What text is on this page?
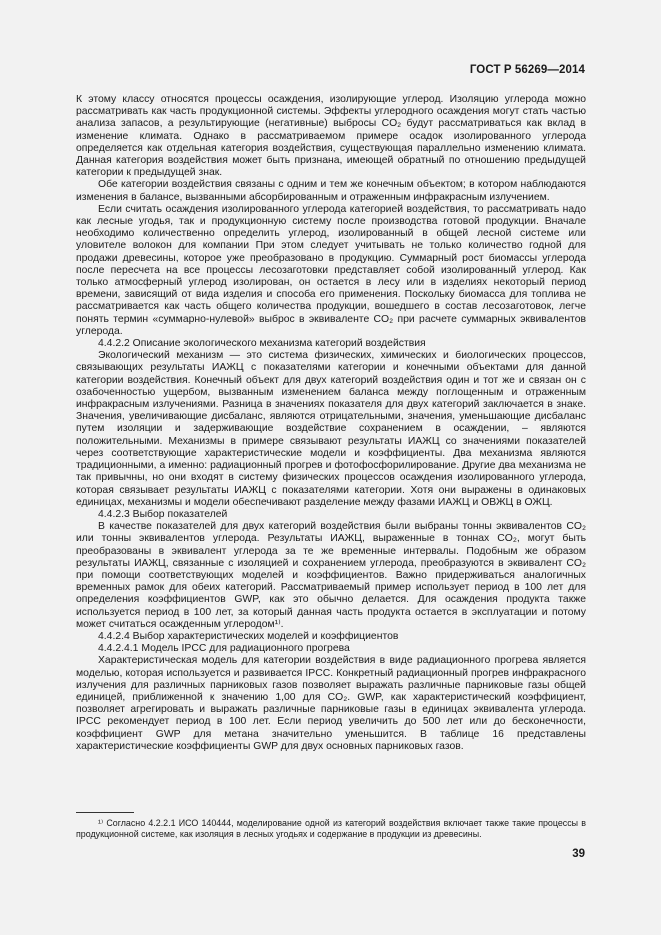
ГОСТ Р 56269—2014

К этому классу относятся процессы осаждения, изолирующие углерод. Изоляцию углерода можно рассматривать как часть продукционной системы. Эффекты углеродного осаждения могут стать частью анализа запасов, а результирующие (негативные) выбросы CO₂ будут рассматриваться как вклад в изменение климата. Однако в рассматриваемом примере осадок изолированного углерода определяется как отдельная категория воздействия, существующая параллельно изменению климата. Данная категория воздействия может быть признана, имеющей обратный по отношению предыдущей категории к предыдущей знак.

Обе категории воздействия связаны с одним и тем же конечным объектом; в котором наблюдаются изменения в балансе, вызванными абсорбированным и отраженным инфракрасным излучением.

Если считать осаждения изолированного углерода категорией воздействия, то рассматривать надо как лесные угодья, так и продукционную систему после производства готовой продукции. Вначале необходимо количественно определить углерод, изолированный в общей лесной системе или уловителе волокон для компании При этом следует учитывать не только количество годной для продажи древесины, которое уже преобразовано в продукцию. Суммарный рост биомассы углерода после пересчета на все процессы лесозаготовки представляет собой изолированный углерод. Как только атмосферный углерод изолирован, он остается в лесу или в изделиях некоторый период времени, зависящий от вида изделия и способа его применения. Поскольку биомасса для топлива не рассматривается как часть общего количества продукции, вошедшего в состав лесозаготовок, легче понять термин «суммарно-нулевой» выброс в эквиваленте CO₂ при расчете суммарных эквивалентов углерода.

4.4.2.2 Описание экологического механизма категорий воздействия

Экологический механизм — это система физических, химических и биологических процессов, связывающих результаты ИАЖЦ с показателями категории и конечными объектами для данной категории воздействия. Конечный объект для двух категорий воздействия один и тот же и связан он с озабоченностью ущербом, вызванным изменением баланса между поглощенным и отраженным инфракрасным излучениями. Разница в значениях показателя для двух категорий заключается в знаке. Значения, увеличивающие дисбаланс, являются отрицательными, значения, уменьшающие дисбаланс путем изоляции и задерживающие воздействие сохранением в осаждении, – являются положительными. Механизмы в примере связывают результаты ИАЖЦ со значениями показателей через соответствующие характеристические модели и коэффициенты. Два механизма являются традиционными, а именно: радиационный прогрев и фотофосфорилирование. Другие два механизма не так привычны, но они входят в систему физических процессов осаждения изолированного углерода, которая связывает результаты ИАЖЦ с показателями категории. Хотя они выражены в одинаковых единицах, механизмы и модели обеспечивают разделение между фазами ИАЖЦ и ОВЖЦ в ОЖЦ.

4.4.2.3 Выбор показателей

В качестве показателей для двух категорий воздействия были выбраны тонны эквивалентов CO₂ или тонны эквивалентов углерода. Результаты ИАЖЦ, выраженные в тоннах CO₂, могут быть преобразованы в эквивалент углерода за те же временные интервалы. Подобным же образом результаты ИАЖЦ, связанные с изоляцией и сохранением углерода, преобразуются в эквивалент CO₂ при помощи соответствующих моделей и коэффициентов. Важно придерживаться аналогичных временных рамок для обеих категорий. Рассматриваемый пример использует период в 100 лет для определения коэффициентов GWP, как это обычно делается. Для осаждения продукта также используется период в 100 лет, за который данная часть продукта остается в эксплуатации и потому может считаться осажденным углеродом¹⁾.

4.4.2.4 Выбор характеристических моделей и коэффициентов

4.4.2.4.1 Модель IPCC для радиационного прогрева

Характеристическая модель для категории воздействия в виде радиационного прогрева является моделью, которая используется и развивается IPCC. Конкретный радиационный прогрев инфракрасного излучения для различных парниковых газов позволяет выражать различные парниковые газы общей единицей, приближенной к значению 1,00 для CO₂. GWP, как характеристический коэффициент, позволяет агрегировать и выражать различные парниковые газы в единицах эквивалента углерода. IPCC рекомендует период в 100 лет. Если период увеличить до 500 лет или до бесконечности, коэффициент GWP для метана значительно уменьшится. В таблице 16 представлены характеристические коэффициенты GWP для двух основных парниковых газов.

¹⁾ Согласно 4.2.2.1 ИСО 140444, моделирование одной из категорий воздействия включает также такие процессы в продукционной системе, как изоляция в лесных угодьях и содержание в продукции из древесины.
39
